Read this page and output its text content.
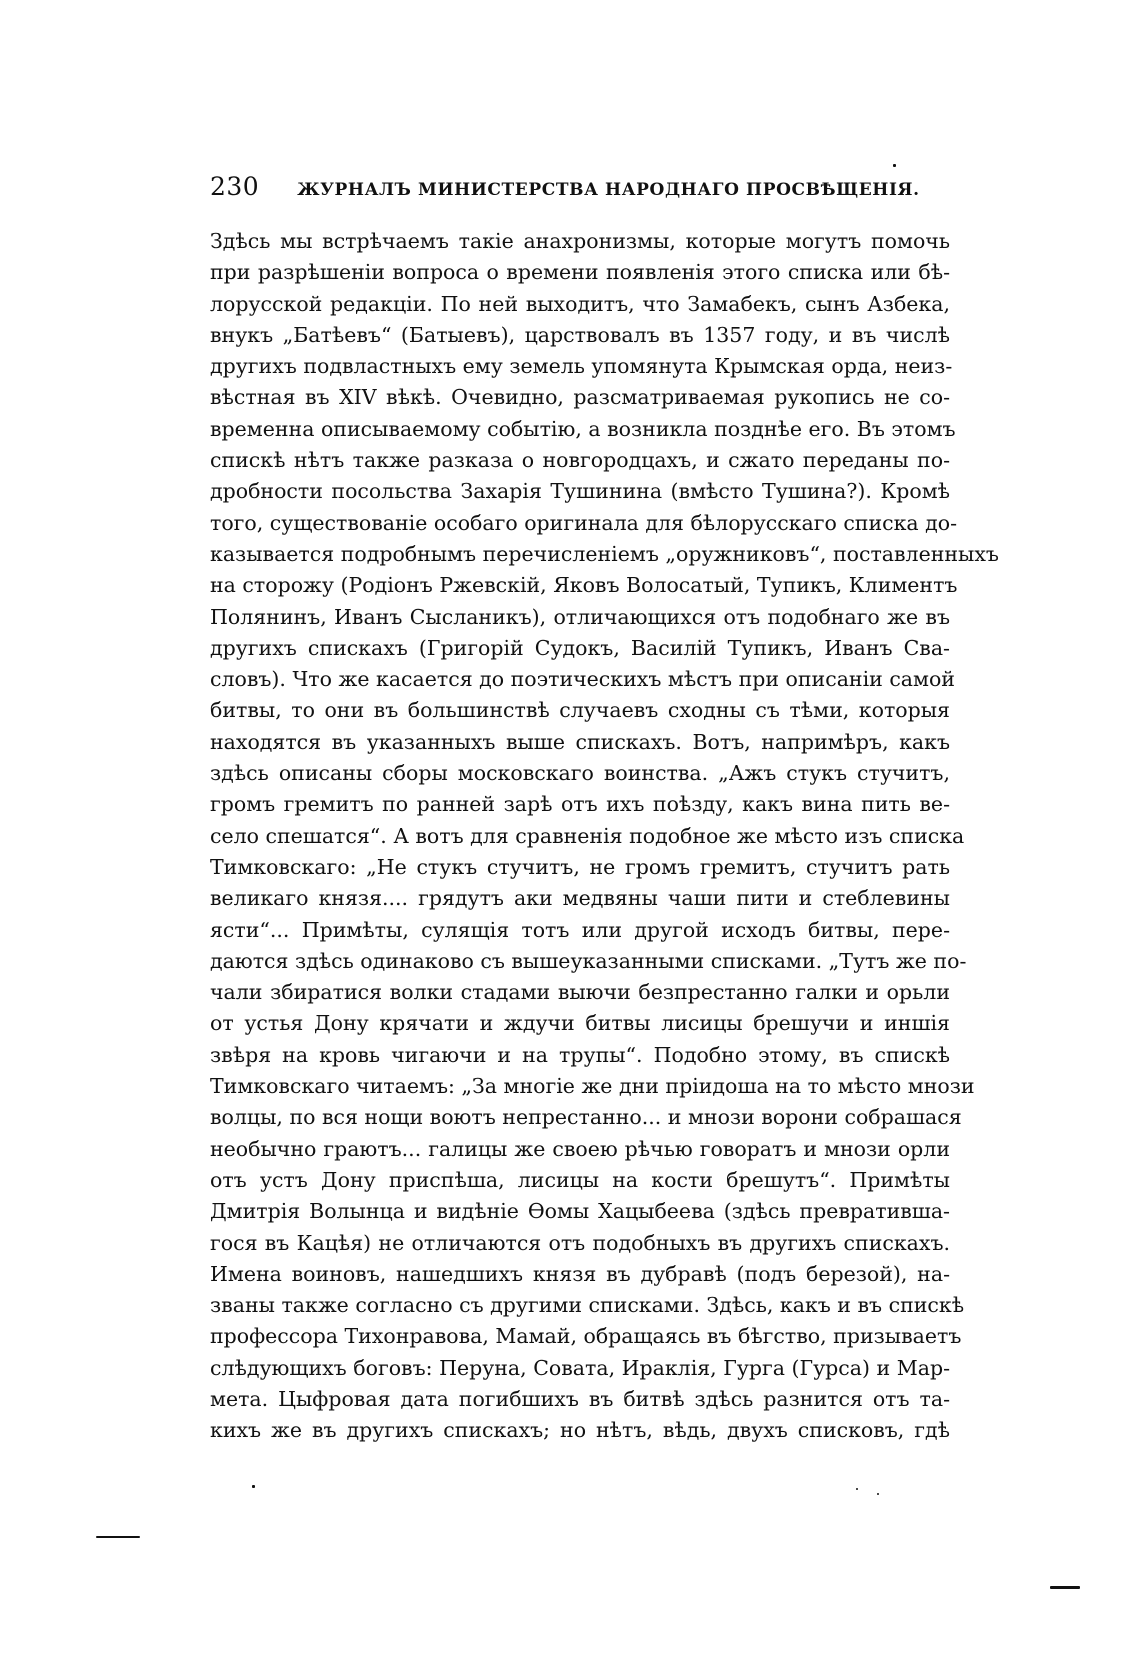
230 ЖУРНАЛЪ МИНИСТЕРСТВА НАРОДНАГО ПРОСВѢЩЕНІЯ.
Здѣсь мы встрѣчаемъ такіе анахронизмы, которые могутъ помочь
при разрѣшеніи вопроса о времени появленія этого списка или бѣ-
лорусской редакціи. По ней выходитъ, что Замабекъ, сынъ Азбека,
внукъ „Батѣевъ“ (Батыевъ), царствовалъ въ 1357 году, и въ числѣ
другихъ подвластныхъ ему земель упомянута Крымская орда, неиз-
вѣстная въ XIV вѣкѣ. Очевидно, разсматриваемая рукопись не со-
временна описываемому событію, а возникла позднѣе его. Въ этомъ
спискѣ нѣтъ также разказа о новгородцахъ, и сжато переданы по-
дробности посольства Захарія Тушинина (вмѣсто Тушина?). Кромѣ
того, существованіе особаго оригинала для бѣлорусскаго списка до-
казывается подробнымъ перечисленіемъ „оружниковъ“, поставленныхъ
на сторожу (Родіонъ Ржевскій, Яковъ Волосатый, Тупикъ, Климентъ
Полянинъ, Иванъ Сысланикъ), отличающихся отъ подобнаго же въ
другихъ спискахъ (Григорій Судокъ, Василій Тупикъ, Иванъ Сва-
словъ). Что же касается до поэтическихъ мѣстъ при описаніи самой
битвы, то они въ большинствѣ случаевъ сходны съ тѣми, которыя
находятся въ указанныхъ выше спискахъ. Вотъ, напримѣръ, какъ
здѣсь описаны сборы московскаго воинства. „Ажъ стукъ стучитъ,
громъ гремитъ по ранней зарѣ отъ ихъ поѣзду, какъ вина пить ве-
село спешатся“. А вотъ для сравненія подобное же мѣсто изъ списка
Тимковскаго: „Не стукъ стучитъ, не громъ гремитъ, стучитъ рать
великаго князя.... грядутъ аки медвяны чаши пити и стеблевины
ясти“... Примѣты, сулящія тотъ или другой исходъ битвы, пере-
даются здѣсь одинаково съ вышеуказанными списками. „Тутъ же по-
чали збиратися волки стадами выючи безпрестанно галки и орьли
от устья Дону крячати и ждучи битвы лисицы брешучи и иншія
звѣря на кровь чигаючи и на трупы“. Подобно этому, въ спискѣ
Тимковскаго читаемъ: „За многіе же дни пріидоша на то мѣсто мнози
волцы, по вся нощи воютъ непрестанно... и мнози ворони собрашася
необычно граютъ... галицы же своею рѣчью говоратъ и мнози орли
отъ устъ Дону приспѣша, лисицы на кости брешутъ“. Примѣты
Дмитрія Волынца и видѣніе Ѳомы Хацыбеева (здѣсь превратившa-
гося въ Кацѣя) не отличаются отъ подобныхъ въ другихъ спискахъ.
Имена воиновъ, нашедшихъ князя въ дубравѣ (подъ березой), на-
званы также согласно съ другими списками. Здѣсь, какъ и въ спискѣ
профессора Тихонравова, Мамай, обращаясь въ бѣгство, призываетъ
слѣдующихъ боговъ: Перуна, Совата, Ираклія, Гурга (Гурса) и Мар-
мета. Цыфровая дата погибшихъ въ битвѣ здѣсь разнится отъ та-
кихъ же въ другихъ спискахъ; но нѣтъ, вѣдь, двухъ списковъ, гдѣ
